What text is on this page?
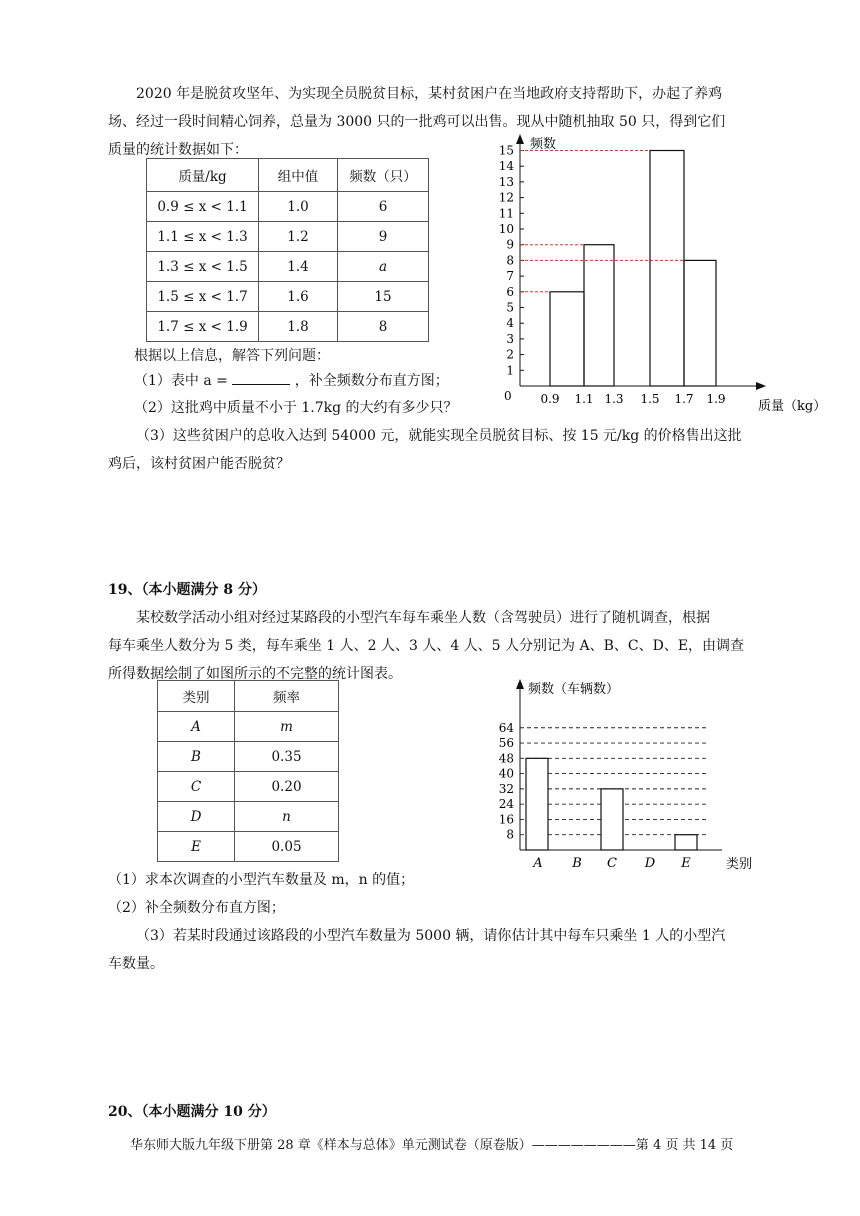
2020 年是脱贫攻坚年、为实现全员脱贫目标，某村贫困户在当地政府支持帮助下，办起了养鸡
场、经过一段时间精心饲养，总量为 3000 只的一批鸡可以出售。现从中随机抽取 50 只，得到它们
质量的统计数据如下：
质量/kg	组中值	频数（只）
0.9 ≤ x < 1.1	1.0	6
1.1 ≤ x < 1.3	1.2	9
1.3 ≤ x < 1.5	1.4	a
1.5 ≤ x < 1.7	1.6	15
1.7 ≤ x < 1.9	1.8	8
根据以上信息，解答下列问题：
（1）表中 a =	，补全频数分布直方图；
（2）这批鸡中质量不小于 1.7kg 的大约有多少只？
（3）这些贫困户的总收入达到 54000 元，就能实现全员脱贫目标、按 15 元/kg 的价格售出这批
鸡后，该村贫困户能否脱贫？
频数
质量（kg）
0
1
2
3
4
5
6
7
8
9
10
11
12
13
14
15
0.9 1.1 1.3 1.5 1.7 1.9
19、（本小题满分 8 分）
某校数学活动小组对经过某路段的小型汽车每车乘坐人数（含驾驶员）进行了随机调查，根据
每车乘坐人数分为 5 类，每车乘坐 1 人、2 人、3 人、4 人、5 人分别记为 A、B、C、D、E，由调查
所得数据绘制了如图所示的不完整的统计图表。
类别	频率
A	m
B	0.35
C	0.20
D	n
E	0.05
8
16
24
32
40
48
56
64
频数（车辆数）
类别
A B C D E
（1）求本次调查的小型汽车数量及 m，n 的值；
（2）补全频数分布直方图；
（3）若某时段通过该路段的小型汽车数量为 5000 辆，请你估计其中每车只乘坐 1 人的小型汽
车数量。
20、（本小题满分 10 分）
华东师大版九年级下册第 28 章《样本与总体》单元测试卷（原卷版）————————第 4 页 共 14 页
